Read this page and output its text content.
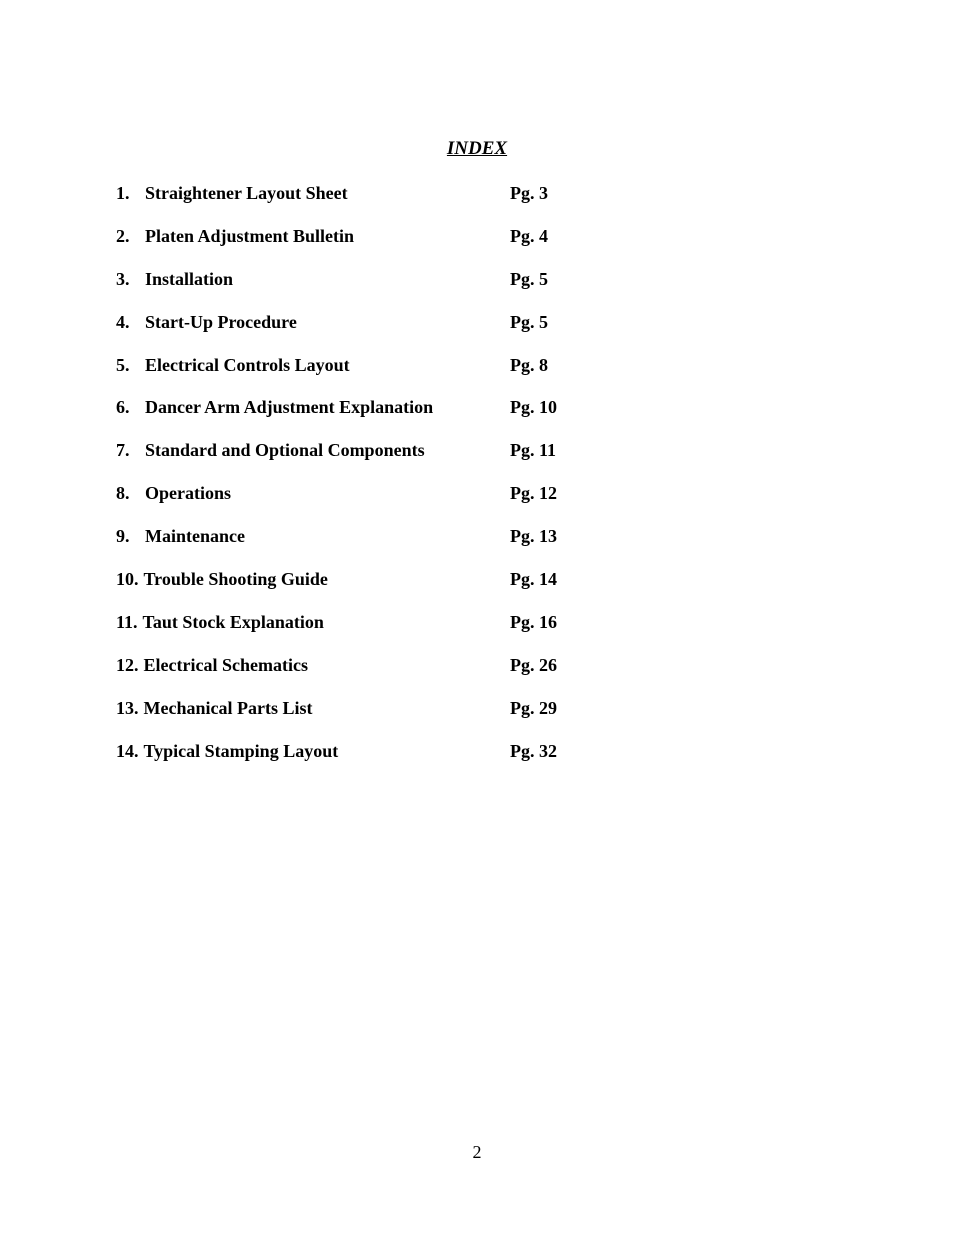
INDEX
1. Straightener Layout Sheet	Pg. 3
2. Platen Adjustment Bulletin	Pg. 4
3. Installation	Pg. 5
4. Start-Up Procedure	Pg. 5
5. Electrical Controls Layout	Pg. 8
6. Dancer Arm Adjustment Explanation	Pg. 10
7. Standard and Optional Components	Pg. 11
8. Operations	Pg. 12
9. Maintenance	Pg. 13
10. Trouble Shooting Guide	Pg. 14
11. Taut Stock Explanation	Pg. 16
12. Electrical Schematics	Pg. 26
13. Mechanical Parts List	Pg. 29
14. Typical Stamping Layout	Pg. 32
2
